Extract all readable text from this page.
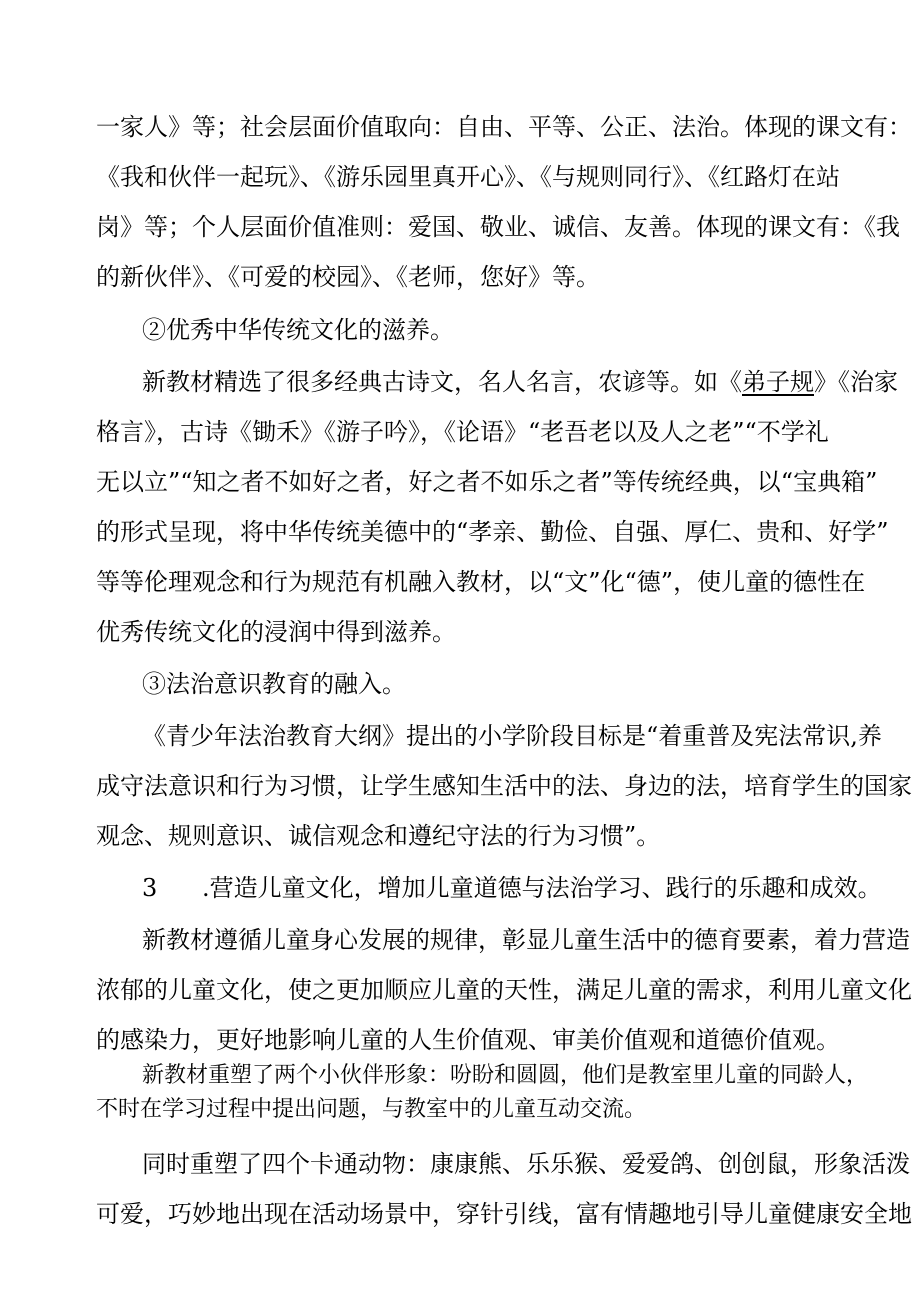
一家人》等；社会层面价值取向：自由、平等、公正、法治。体现的课文有：
《我和伙伴一起玩》、《游乐园里真开心》、《与规则同行》、《红路灯在站
岗》等；个人层面价值准则：爱国、敬业、诚信、友善。体现的课文有：《我
的新伙伴》、《可爱的校园》、《老师，您好》等。
②优秀中华传统文化的滋养。
新教材精选了很多经典古诗文，名人名言，农谚等。如《弟子规》《治家
格言》，古诗《锄禾》《游子吟》，《论语》“老吾老以及人之老”“不学礼
无以立”“知之者不如好之者，好之者不如乐之者”等传统经典，以“宝典箱”
的形式呈现，将中华传统美德中的“孝亲、勤俭、自强、厚仁、贵和、好学”
等等伦理观念和行为规范有机融入教材，以“文”化“德”，使儿童的德性在
优秀传统文化的浸润中得到滋养。
③法治意识教育的融入。
《青少年法治教育大纲》提出的小学阶段目标是“着重普及宪法常识,养
成守法意识和行为习惯，让学生感知生活中的法、身边的法，培育学生的国家
观念、规则意识、诚信观念和遵纪守法的行为习惯”。
3 .营造儿童文化，增加儿童道德与法治学习、践行的乐趣和成效。
新教材遵循儿童身心发展的规律，彰显儿童生活中的德育要素，着力营造
浓郁的儿童文化，使之更加顺应儿童的天性，满足儿童的需求，利用儿童文化
的感染力，更好地影响儿童的人生价值观、审美价值观和道德价值观。
新教材重塑了两个小伙伴形象：吩盼和圆圆，他们是教室里儿童的同龄人，
不时在学习过程中提出问题，与教室中的儿童互动交流。
同时重塑了四个卡通动物：康康熊、乐乐猴、爱爱鸽、创创鼠，形象活泼
可爱，巧妙地出现在活动场景中，穿针引线，富有情趣地引导儿童健康安全地
